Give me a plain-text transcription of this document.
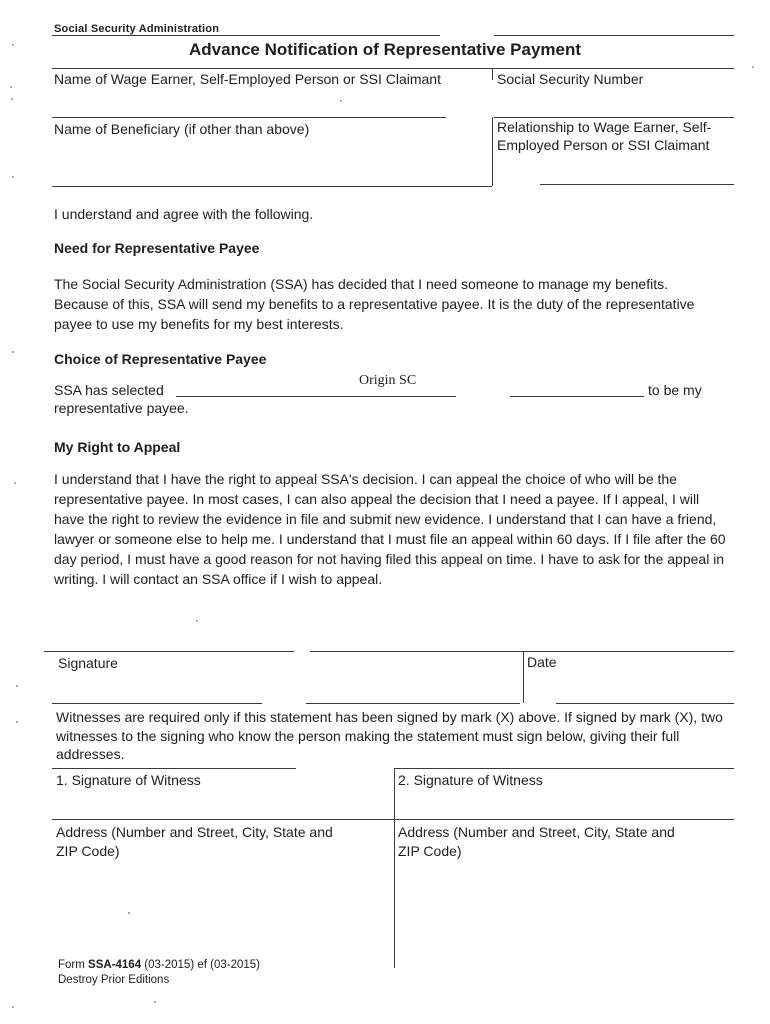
Social Security Administration
Advance Notification of Representative Payment
Name of Wage Earner, Self-Employed Person or SSI Claimant	Social Security Number
Name of Beneficiary (if other than above)	Relationship to Wage Earner, Self-
Employed Person or SSI Claimant
I understand and agree with the following.
Need for Representative Payee
The Social Security Administration (SSA) has decided that I need someone to manage my benefits. Because of this, SSA will send my benefits to a representative payee. It is the duty of the representative payee to use my benefits for my best interests.
Choice of Representative Payee
SSA has selected
Origin SC
to be my
representative payee.
My Right to Appeal
I understand that I have the right to appeal SSA's decision. I can appeal the choice of who will be the representative payee. In most cases, I can also appeal the decision that I need a payee. If I appeal, I will have the right to review the evidence in file and submit new evidence. I understand that I can have a friend, lawyer or someone else to help me. I understand that I must file an appeal within 60 days. If I file after the 60 day period, I must have a good reason for not having filed this appeal on time. I have to ask for the appeal in writing. I will contact an SSA office if I wish to appeal.
Signature	Date
Witnesses are required only if this statement has been signed by mark (X) above. If signed by mark (X), two witnesses to the signing who know the person making the statement must sign below, giving their full addresses.
1. Signature of Witness	2. Signature of Witness
Address (Number and Street, City, State and
ZIP Code)
Address (Number and Street, City, State and
ZIP Code)
Form SSA-4164 (03-2015) ef (03-2015)
Destroy Prior Editions
